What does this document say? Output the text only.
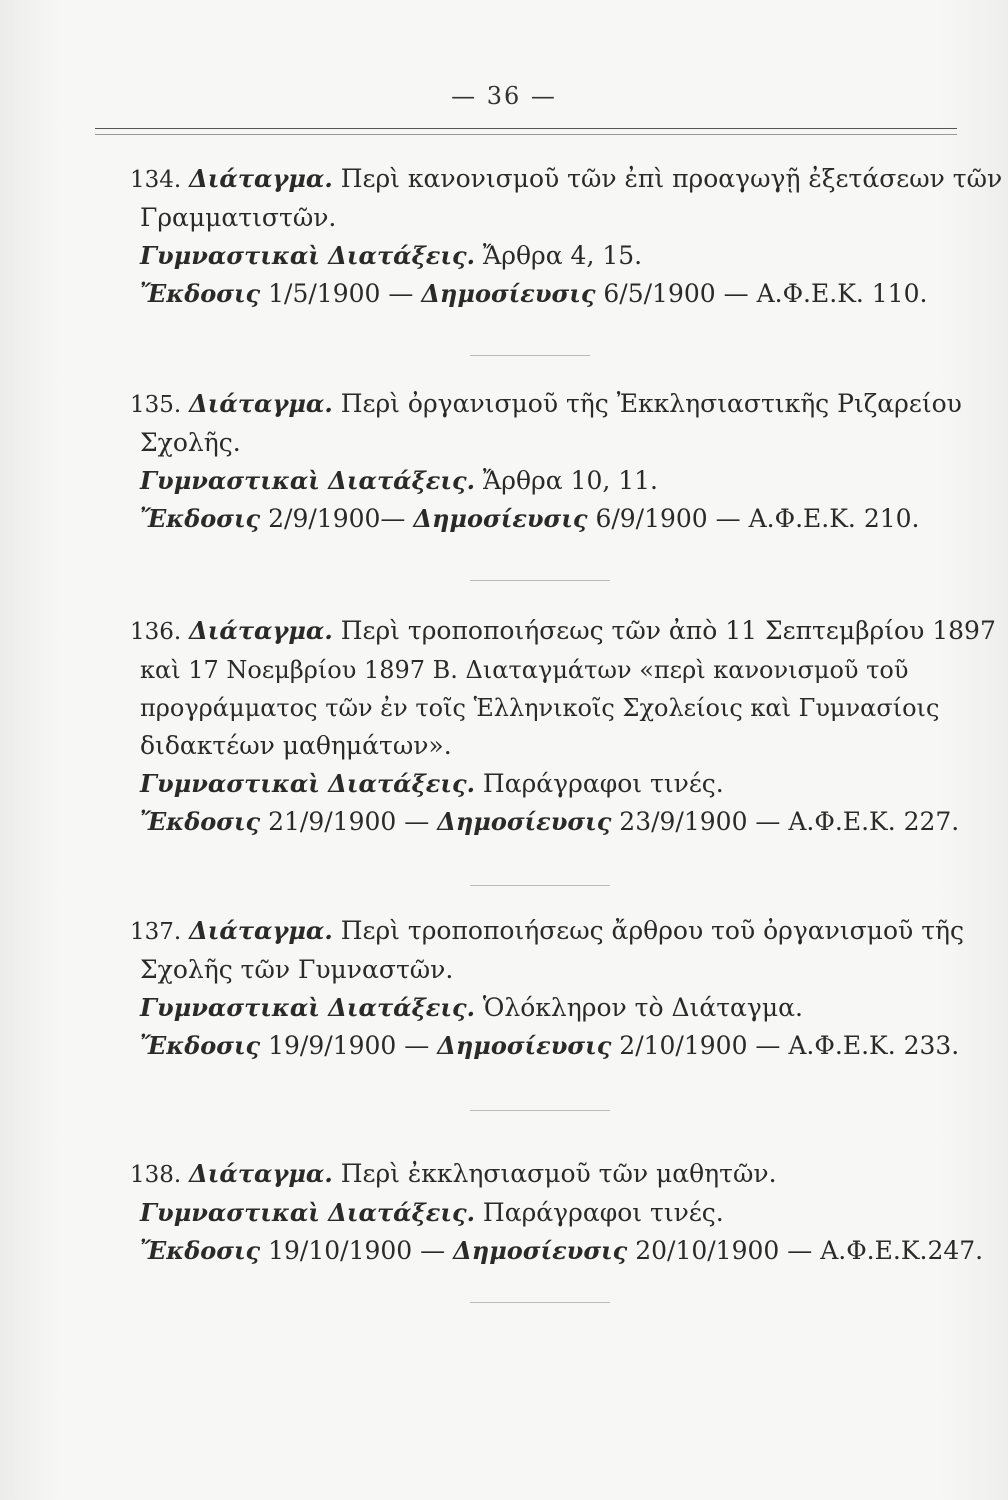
— 36 —
134. Διάταγμα. Περὶ κανονισμοῦ τῶν ἐπὶ προαγωγῇ ἐξετάσεων τῶν
Γραμματιστῶν.
Γυμναστικαὶ Διατάξεις. Ἄρθρα 4, 15.
Ἔκδοσις 1/5/1900 — Δημοσίευσις 6/5/1900 — Α.Φ.Ε.Κ. 110.
135. Διάταγμα. Περὶ ὀργανισμοῦ τῆς Ἐκκλησιαστικῆς Ριζαρείου
Σχολῆς.
Γυμναστικαὶ Διατάξεις. Ἄρθρα 10, 11.
Ἔκδοσις 2/9/1900— Δημοσίευσις 6/9/1900 — Α.Φ.Ε.Κ. 210.
136. Διάταγμα. Περὶ τροποποιήσεως τῶν ἀπὸ 11 Σεπτεμβρίου 1897
καὶ 17 Νοεμβρίου 1897 Β. Διαταγμάτων «περὶ κανονισμοῦ τοῦ
προγράμματος τῶν ἐν τοῖς Ἑλληνικοῖς Σχολείοις καὶ Γυμνασίοις
διδακτέων μαθημάτων».
Γυμναστικαὶ Διατάξεις. Παράγραφοι τινές.
Ἔκδοσις 21/9/1900 — Δημοσίευσις 23/9/1900 — Α.Φ.Ε.Κ. 227.
137. Διάταγμα. Περὶ τροποποιήσεως ἄρθρου τοῦ ὀργανισμοῦ τῆς
Σχολῆς τῶν Γυμναστῶν.
Γυμναστικαὶ Διατάξεις. Ὁλόκληρον τὸ Διάταγμα.
Ἔκδοσις 19/9/1900 — Δημοσίευσις 2/10/1900 — Α.Φ.Ε.Κ. 233.
138. Διάταγμα. Περὶ ἐκκλησιασμοῦ τῶν μαθητῶν.
Γυμναστικαὶ Διατάξεις. Παράγραφοι τινές.
Ἔκδοσις 19/10/1900 — Δημοσίευσις 20/10/1900 — Α.Φ.Ε.Κ.247.
